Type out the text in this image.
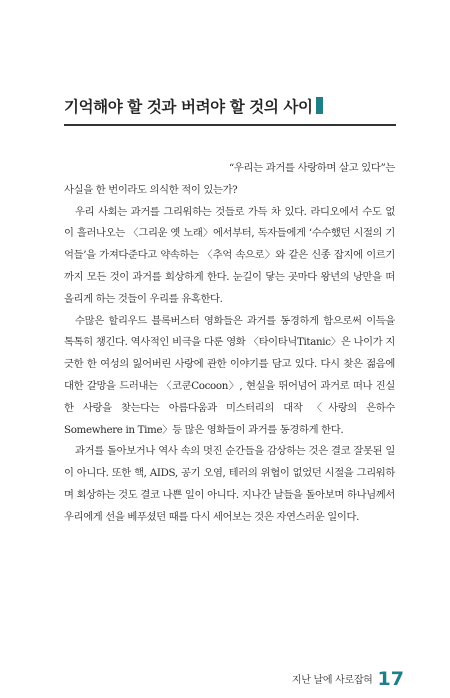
기억해야 할 것과 버려야 할 것의 사이

“우리는 과거를 사랑하며 살고 있다”는 사실을 한 번이라도 의식한 적이 있는가?

우리 사회는 과거를 그리워하는 것들로 가득 차 있다. 라디오에서 수도 없이 흘러나오는 〈그리운 옛 노래〉에서부터, 독자들에게 ‘수수했던 시절의 기억들’을 가져다준다고 약속하는 〈추억 속으로〉와 같은 신종 잡지에 이르기까지 모든 것이 과거를 회상하게 한다. 눈길이 닿는 곳마다 왕년의 낭만을 떠올리게 하는 것들이 우리를 유혹한다.

수많은 할리우드 블록버스터 영화들은 과거를 동경하게 함으로써 이득을 톡톡히 챙긴다. 역사적인 비극을 다룬 영화 〈타이타닉Titanic〉은 나이가 지긋한 한 여성의 잃어버린 사랑에 관한 이야기를 담고 있다. 다시 찾은 젊음에 대한 갈망을 드러내는 〈코쿤Cocoon〉, 현실을 뛰어넘어 과거로 떠나 진실한 사랑을 찾는다는 아름다움과 미스터리의 대작 〈사랑의 은하수Somewhere in Time〉등 많은 영화들이 과거를 동경하게 한다.

과거를 돌아보거나 역사 속의 멋진 순간들을 감상하는 것은 결코 잘못된 일이 아니다. 또한 핵, AIDS, 공기 오염, 테러의 위협이 없었던 시절을 그리워하며 회상하는 것도 결코 나쁜 일이 아니다. 지나간 날들을 돌아보며 하나님께서 우리에게 선을 베푸셨던 때를 다시 세어보는 것은 자연스러운 일이다.

지난 날에 사로잡혀 17
